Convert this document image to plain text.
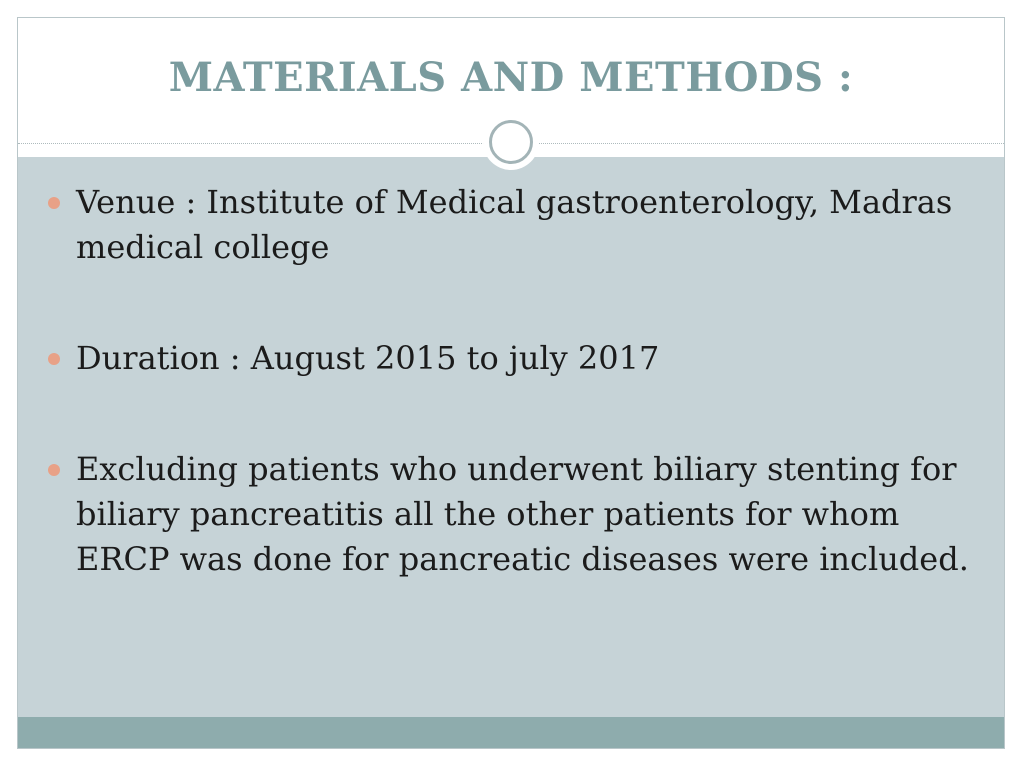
MATERIALS AND METHODS :
Venue : Institute of Medical gastroenterology, Madras medical college
Duration : August 2015 to july 2017
Excluding patients who underwent biliary stenting for biliary pancreatitis all the other patients for whom ERCP was done for pancreatic diseases were included.
